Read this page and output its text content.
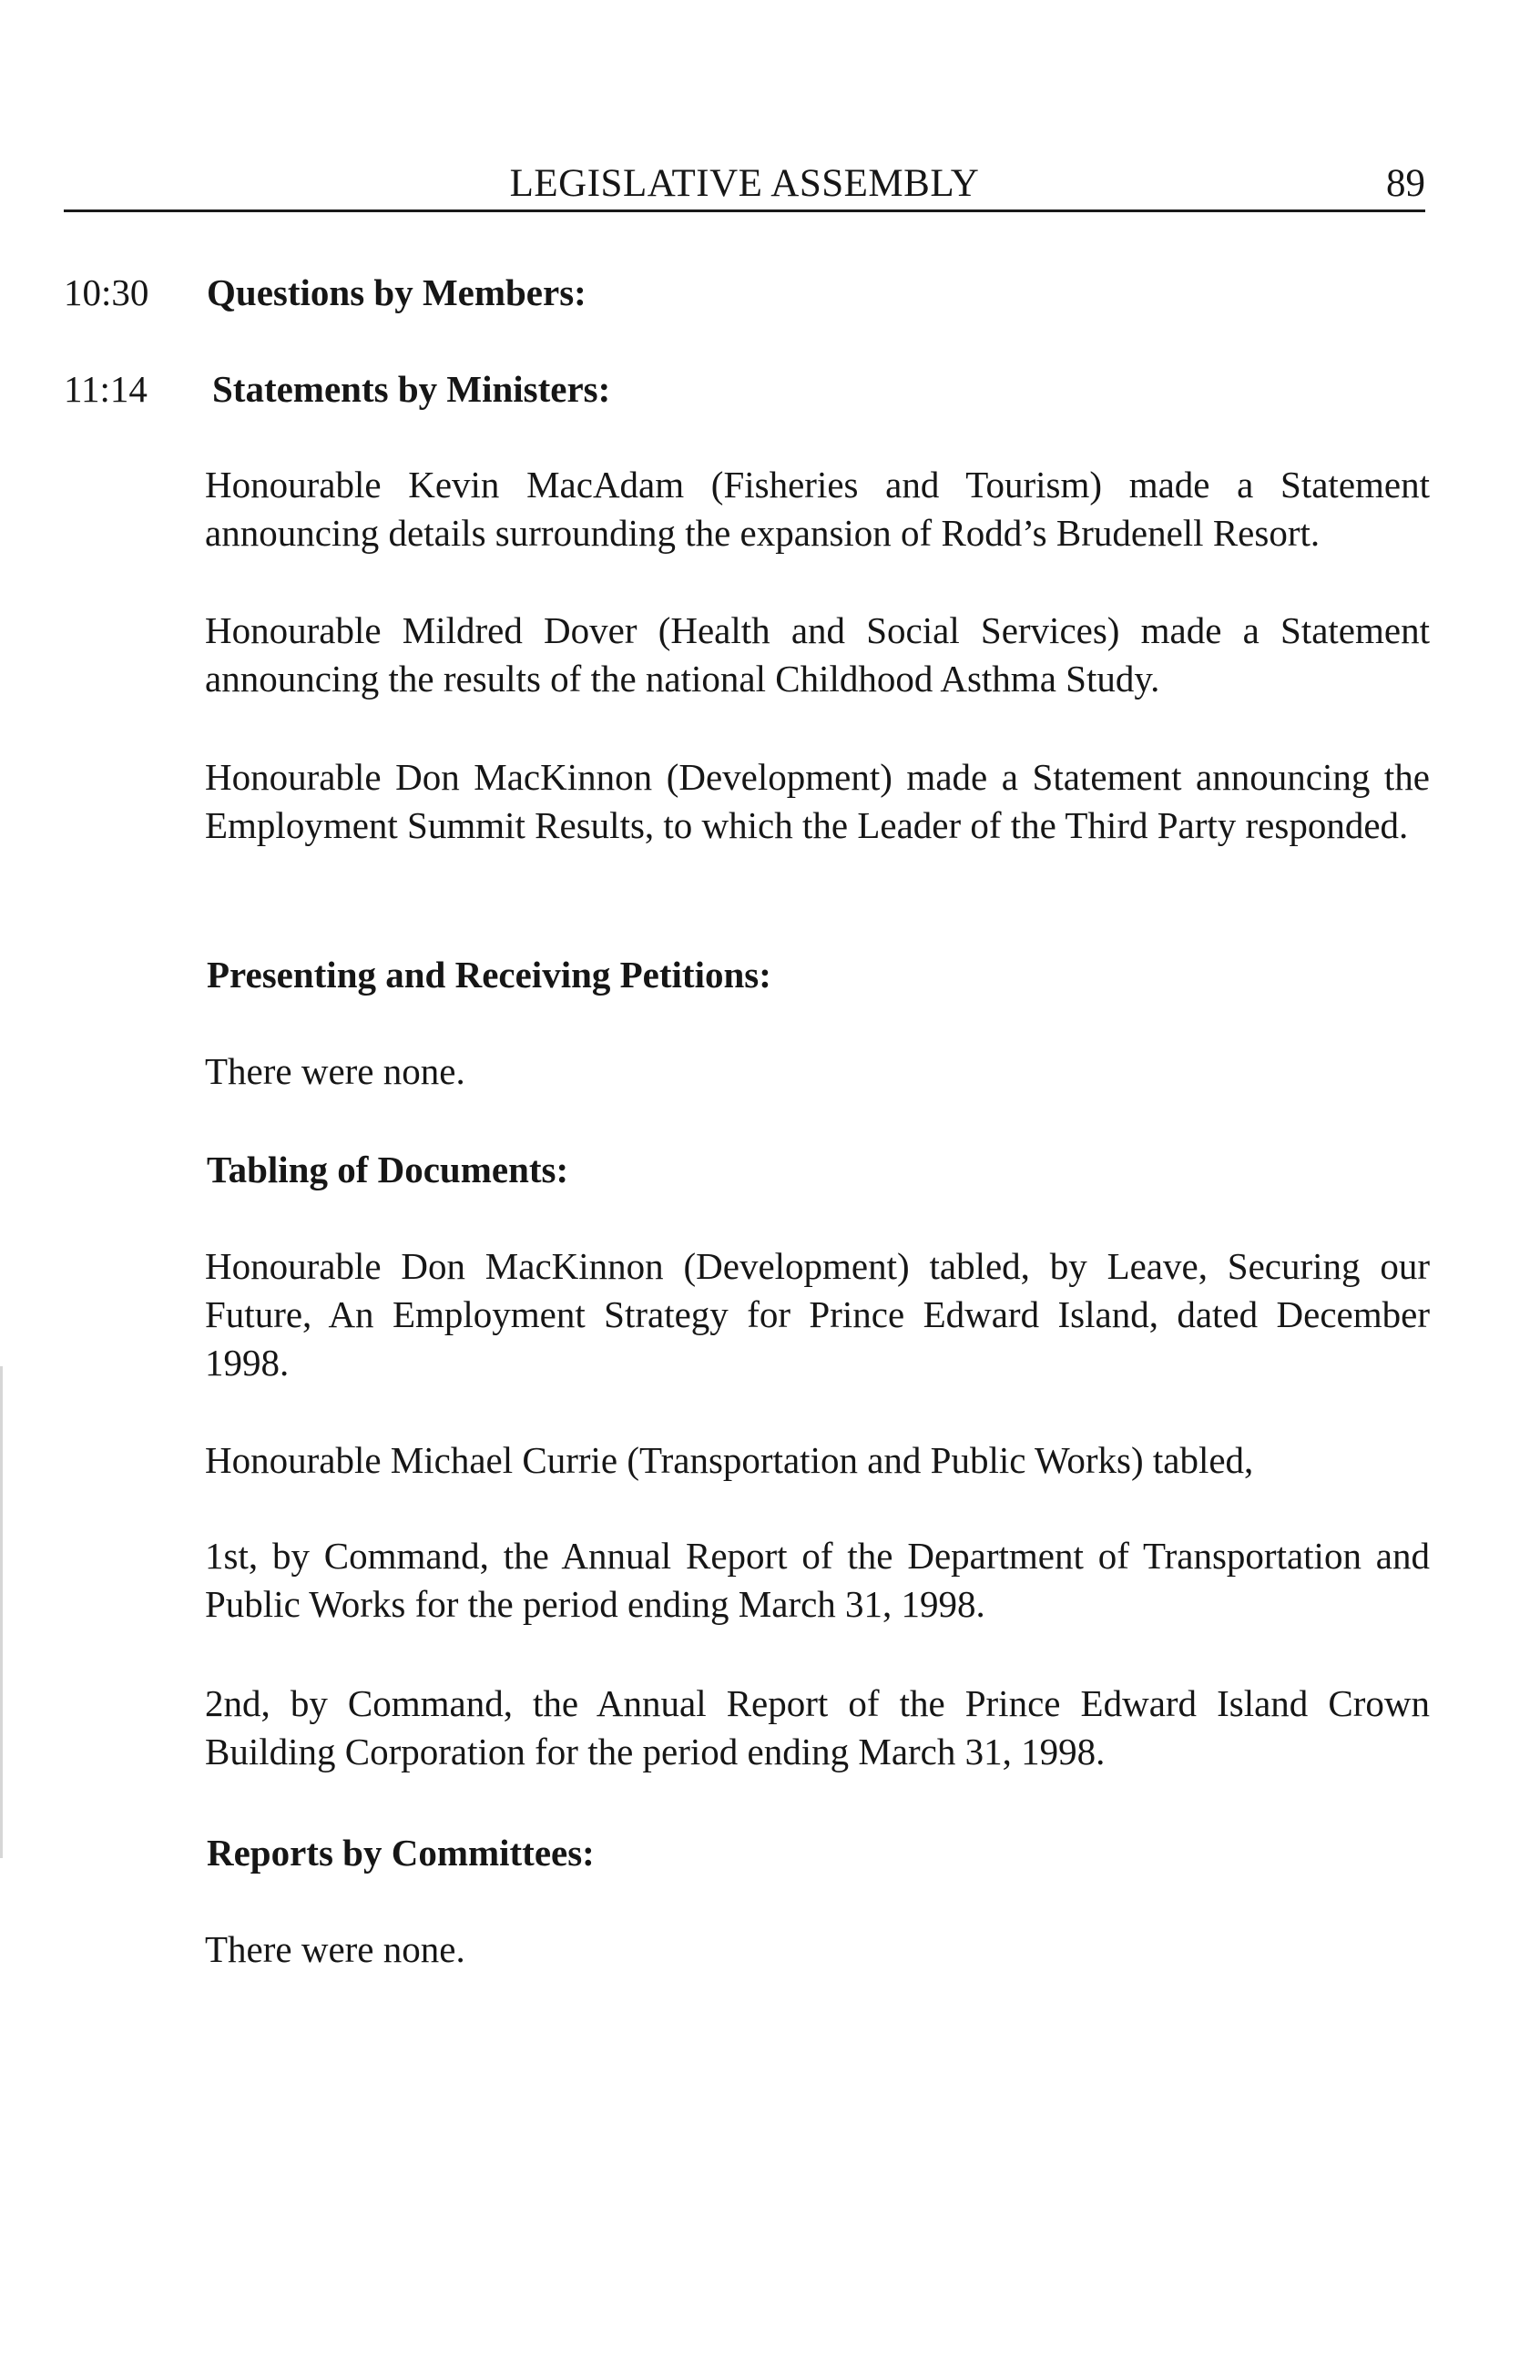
LEGISLATIVE ASSEMBLY	89
10:30 Questions by Members:
11:14 Statements by Ministers:
Honourable Kevin MacAdam (Fisheries and Tourism) made a Statement announcing details surrounding the expansion of Rodd’s Brudenell Resort.
Honourable Mildred Dover (Health and Social Services) made a Statement announcing the results of the national Childhood Asthma Study.
Honourable Don MacKinnon (Development) made a Statement announcing the Employment Summit Results, to which the Leader of the Third Party responded.
Presenting and Receiving Petitions:
There were none.
Tabling of Documents:
Honourable Don MacKinnon (Development) tabled, by Leave, Securing our Future, An Employment Strategy for Prince Edward Island, dated December 1998.
Honourable Michael Currie (Transportation and Public Works) tabled,
1st, by Command, the Annual Report of the Department of Transportation and Public Works for the period ending March 31, 1998.
2nd, by Command, the Annual Report of the Prince Edward Island Crown Building Corporation for the period ending March 31, 1998.
Reports by Committees:
There were none.
